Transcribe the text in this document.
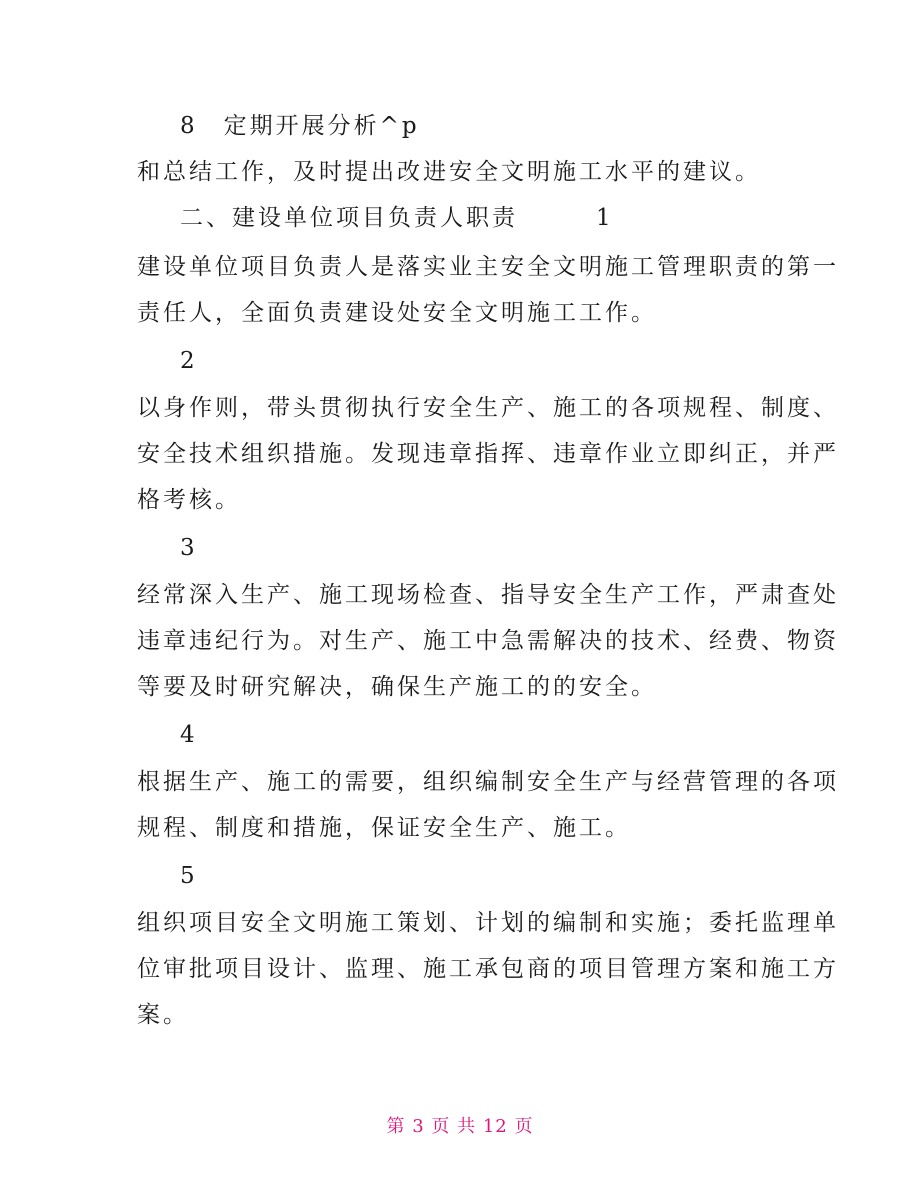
8　定期开展分析^p
和总结工作，及时提出改进安全文明施工水平的建议。
二、建设单位项目负责人职责　　　1
建设单位项目负责人是落实业主安全文明施工管理职责的第一
责任人，全面负责建设处安全文明施工工作。
2
以身作则，带头贯彻执行安全生产、施工的各项规程、制度、
安全技术组织措施。发现违章指挥、违章作业立即纠正，并严
格考核。
3
经常深入生产、施工现场检查、指导安全生产工作，严肃查处
违章违纪行为。对生产、施工中急需解决的技术、经费、物资
等要及时研究解决，确保生产施工的的安全。
4
根据生产、施工的需要，组织编制安全生产与经营管理的各项
规程、制度和措施，保证安全生产、施工。
5
组织项目安全文明施工策划、计划的编制和实施；委托监理单
位审批项目设计、监理、施工承包商的项目管理方案和施工方
案。
第 3 页 共 12 页
